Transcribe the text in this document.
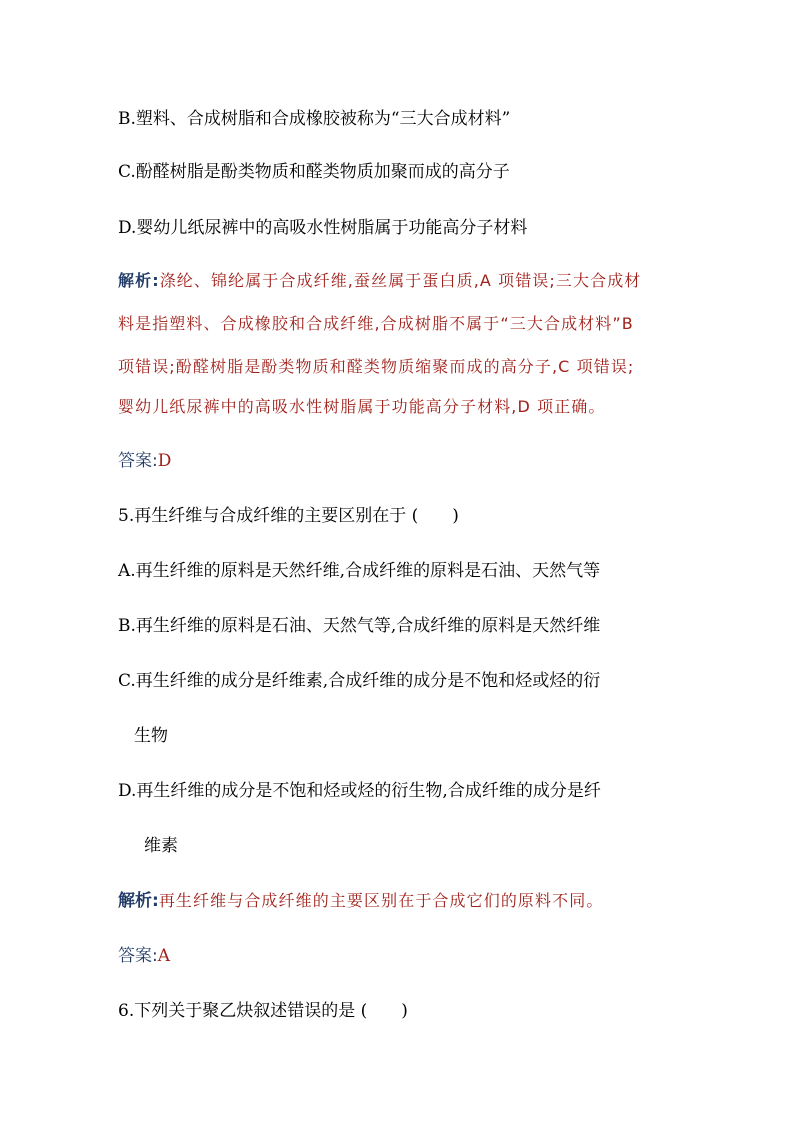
B.塑料、合成树脂和合成橡胶被称为“三大合成材料”
C.酚醛树脂是酚类物质和醛类物质加聚而成的高分子
D.婴幼儿纸尿裤中的高吸水性树脂属于功能高分子材料
解析:涤纶、锦纶属于合成纤维,蚕丝属于蛋白质,A 项错误;三大合成材
料是指塑料、合成橡胶和合成纤维,合成树脂不属于“三大合成材料”B
项错误;酚醛树脂是酚类物质和醛类物质缩聚而成的高分子,C 项错误;
婴幼儿纸尿裤中的高吸水性树脂属于功能高分子材料,D 项正确。
答案:D
5.再生纤维与合成纤维的主要区别在于 (　　)
A.再生纤维的原料是天然纤维,合成纤维的原料是石油、天然气等
B.再生纤维的原料是石油、天然气等,合成纤维的原料是天然纤维
C.再生纤维的成分是纤维素,合成纤维的成分是不饱和烃或烃的衍
生物
D.再生纤维的成分是不饱和烃或烃的衍生物,合成纤维的成分是纤
维素
解析:再生纤维与合成纤维的主要区别在于合成它们的原料不同。
答案:A
6.下列关于聚乙炔叙述错误的是 (　　)
